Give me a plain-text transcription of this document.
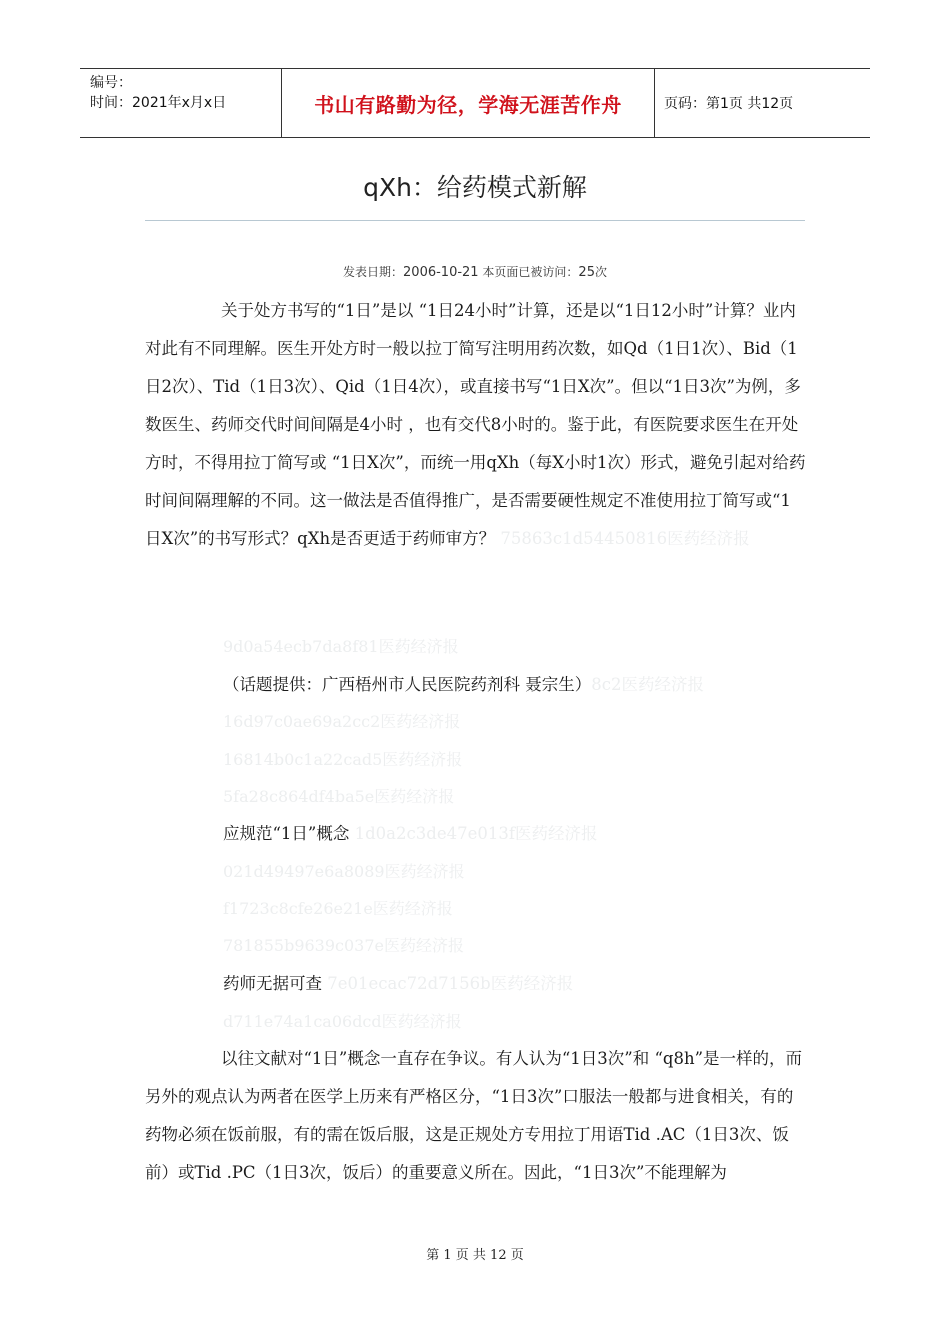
编号：
时间：2021年x月x日	书山有路勤为径，学海无涯苦作舟	页码：第1页 共12页
qXh：给药模式新解
发表日期：2006-10-21 本页面已被访问：25次

关于处方书写的“1日”是以 “1日24小时”计算，还是以“1日12小时”计算？业内对此有不同理解。医生开处方时一般以拉丁简写注明用药次数，如Qd（1日1次）、Bid（1日2次）、Tid（1日3次）、Qid（1日4次），或直接书写“1日X次”。但以“1日3次”为例，多数医生、药师交代时间间隔是4小时 ，也有交代8小时的。鉴于此，有医院要求医生在开处方时，不得用拉丁简写或 “1日X次”，而统一用qXh（每X小时1次）形式，避免引起对给药时间间隔理解的不同。这一做法是否值得推广，是否需要硬性规定不准使用拉丁简写或“1日X次”的书写形式？qXh是否更适于药师审方？ 75863c1d54450816医药经济报

9d0a54ecb7da8f81医药经济报
（话题提供：广西梧州市人民医院药剂科 聂宗生）8c2医药经济报
16d97c0ae69a2cc2医药经济报
16814b0c1a22cad5医药经济报
5fa28c864df4ba5e医药经济报
应规范“1日”概念 1d0a2c3de47e013f医药经济报
021d49497e6a8089医药经济报
f1723c8cfe26e21e医药经济报
781855b9639c037e医药经济报
药师无据可查 7e01ecac72d7156b医药经济报
d711e74a1ca06dcd医药经济报

以往文献对“1日”概念一直存在争议。有人认为“1日3次”和 “q8h”是一样的，而另外的观点认为两者在医学上历来有严格区分，“1日3次”口服法一般都与进食相关，有的药物必须在饭前服，有的需在饭后服，这是正规处方专用拉丁用语Tid .AC（1日3次、饭前）或Tid .PC（1日3次，饭后）的重要意义所在。因此，“1日3次”不能理解为

第 1 页 共 12 页
